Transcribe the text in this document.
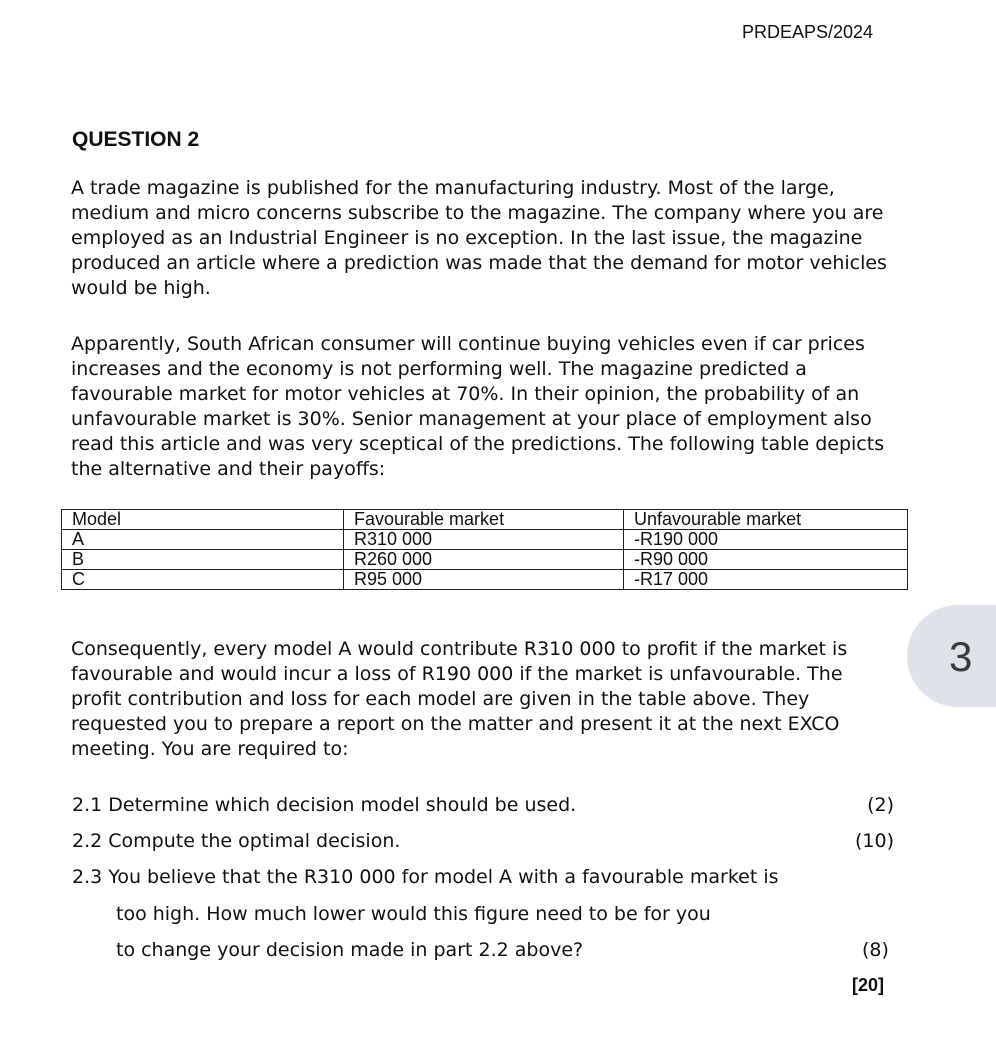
PRDEAPS/2024
QUESTION 2

A trade magazine is published for the manufacturing industry. Most of the large, medium and micro concerns subscribe to the magazine. The company where you are employed as an Industrial Engineer is no exception. In the last issue, the magazine produced an article where a prediction was made that the demand for motor vehicles would be high.

Apparently, South African consumer will continue buying vehicles even if car prices increases and the economy is not performing well. The magazine predicted a favourable market for motor vehicles at 70%. In their opinion, the probability of an unfavourable market is 30%. Senior management at your place of employment also read this article and was very sceptical of the predictions. The following table depicts the alternative and their payoffs:

Model	Favourable market	Unfavourable market
A	R310 000	-R190 000
B	R260 000	-R90 000
C	R95 000	-R17 000

Consequently, every model A would contribute R310 000 to profit if the market is favourable and would incur a loss of R190 000 if the market is unfavourable. The profit contribution and loss for each model are given in the table above. They requested you to prepare a report on the matter and present it at the next EXCO meeting. You are required to:

2.1 Determine which decision model should be used.	(2)
2.2 Compute the optimal decision.	(10)
2.3 You believe that the R310 000 for model A with a favourable market is
too high. How much lower would this figure need to be for you
to change your decision made in part 2.2 above?	(8)
[20]
3
